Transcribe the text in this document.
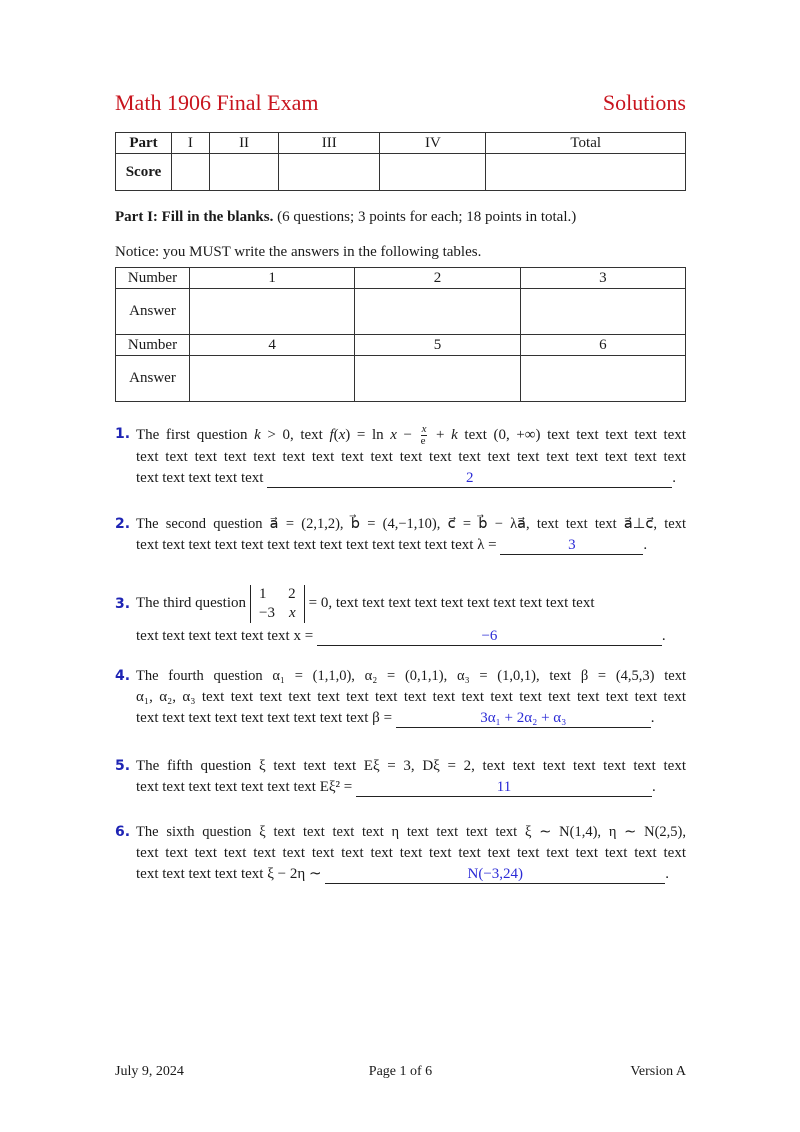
Math 1906 Final Exam	Solutions
Part	I	II	III	IV	Total
Score					
Part I: Fill in the blanks. (6 questions; 3 points for each; 18 points in total.)
Notice: you MUST write the answers in the following tables.
Number	1	2	3
Answer			
Number	4	5	6
Answer			
1. The first question k > 0, text $f(x) = \ln x - \frac{x}{e} + k$ text (0, +∞) text text text text text
text text text text text text text text text text text text text text text text text text text
text text text text text	2	.
2. The second question a⃗ = (2,1,2), b⃗ = (4,−1,10), c⃗ = b⃗ − λa⃗, text text text a⃗⊥c⃗, text
text text text text text text text text text text text text text λ =	3	.
3. The third question
1 2
−3 x
= 0, text text text text text text text text text text
text text text text text text x =	−6	.
4. The fourth question α₁ = (1,1,0), α₂ = (0,1,1), α₃ = (1,0,1), text β = (4,5,3) text
α₁, α₂, α₃ text text text text text text text text text text text text text text text text text
text text text text text text text text text β =	3α₁ + 2α₂ + α₃	.
5. The fifth question ξ text text text Eξ = 3, Dξ = 2, text text text text text text text
text text text text text text text Eξ² =	11	.
6. The sixth question ξ text text text text η text text text text ξ ∼ N(1,4), η ∼ N(2,5),
text text text text text text text text text text text text text text text text text text text
text text text text text ξ − 2η ∼	N(−3,24)	.
July 9, 2024	Page 1 of 6	Version A
